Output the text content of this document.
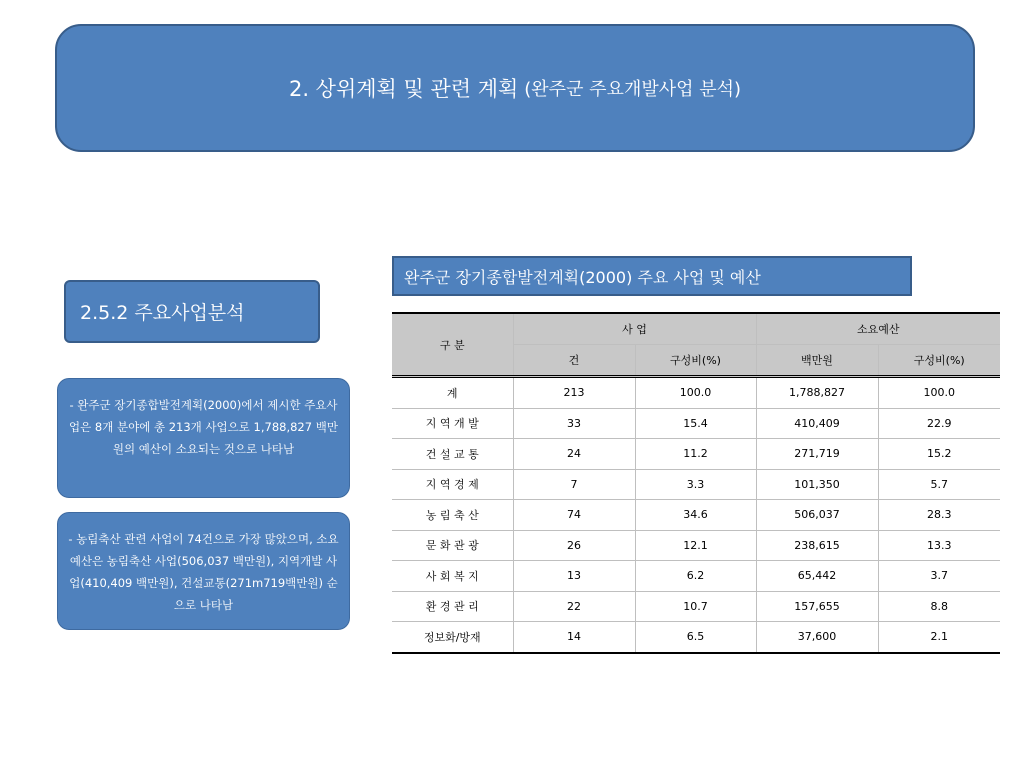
2. 상위계획 및 관련 계획 (완주군 주요개발사업 분석)
2.5.2 주요사업분석
- 완주군 장기종합발전계획(2000)에서 제시한 주요사업은 8개 분야에 총 213개 사업으로 1,788,827 백만원의 예산이 소요되는 것으로 나타남
- 농림축산 관련 사업이 74건으로 가장 많았으며, 소요예산은 농림축산 사업(506,037 백만원), 지역개발 사업(410,409 백만원), 건설교통(271m719백만원) 순으로 나타남
완주군 장기종합발전계획(2000) 주요 사업 및 예산
구 분	사 업		소요예산	
	건	구성비(%)	백만원	구성비(%)
계	213	100.0	1,788,827	100.0
지 역 개 발	33	15.4	410,409	22.9
건 설 교 통	24	11.2	271,719	15.2
지 역 경 제	7	3.3	101,350	5.7
농 림 축 산	74	34.6	506,037	28.3
문 화 관 광	26	12.1	238,615	13.3
사 회 복 지	13	6.2	65,442	3.7
환 경 관 리	22	10.7	157,655	8.8
정보화/방재	14	6.5	37,600	2.1
